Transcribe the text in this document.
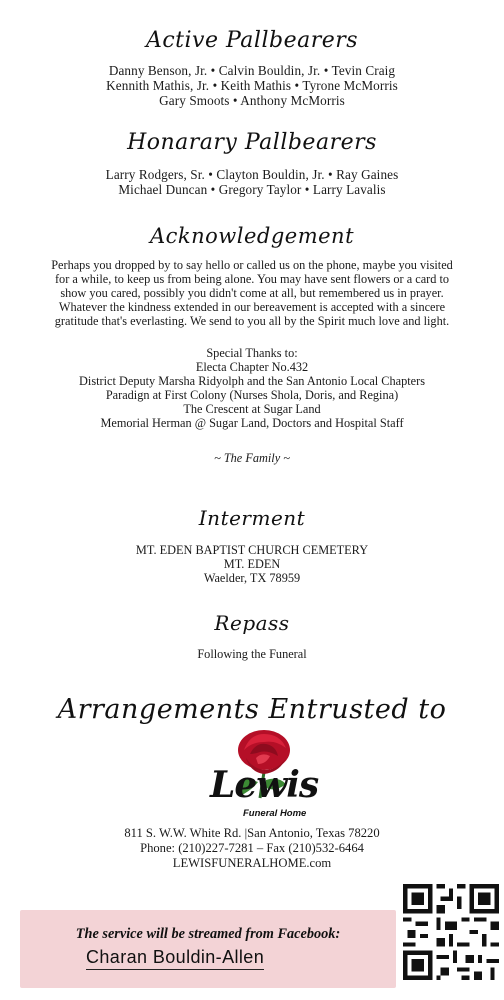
Active Pallbearers
Danny Benson, Jr. • Calvin Bouldin, Jr. • Tevin Craig
Kennith Mathis, Jr. • Keith Mathis • Tyrone McMorris
Gary Smoots • Anthony McMorris
Honarary Pallbearers
Larry Rodgers, Sr. • Clayton Bouldin, Jr. • Ray Gaines
Michael Duncan • Gregory Taylor • Larry Lavalis
Acknowledgement
Perhaps you dropped by to say hello or called us on the phone, maybe you visited
for a while, to keep us from being alone. You may have sent flowers or a card to
show you cared, possibly you didn't come at all, but remembered us in prayer.
Whatever the kindness extended in our bereavement is accepted with a sincere
gratitude that's everlasting. We send to you all by the Spirit much love and light.
Special Thanks to:
Electa Chapter No.432
District Deputy Marsha Ridyolph and the San Antonio Local Chapters
Paradign at First Colony (Nurses Shola, Doris, and Regina)
The Crescent at Sugar Land
Memorial Herman @ Sugar Land, Doctors and Hospital Staff
~ The Family ~
Interment
MT. EDEN BAPTIST CHURCH CEMETERY
MT. EDEN
Waelder, TX 78959
Repass
Following the Funeral
Arrangements Entrusted to
Lewis
Funeral Home
811 S. W.W. White Rd. |San Antonio, Texas 78220
Phone: (210)227-7281 – Fax (210)532-6464
LEWISFUNERALHOME.com
The service will be streamed from Facebook:
Charan Bouldin-Allen
